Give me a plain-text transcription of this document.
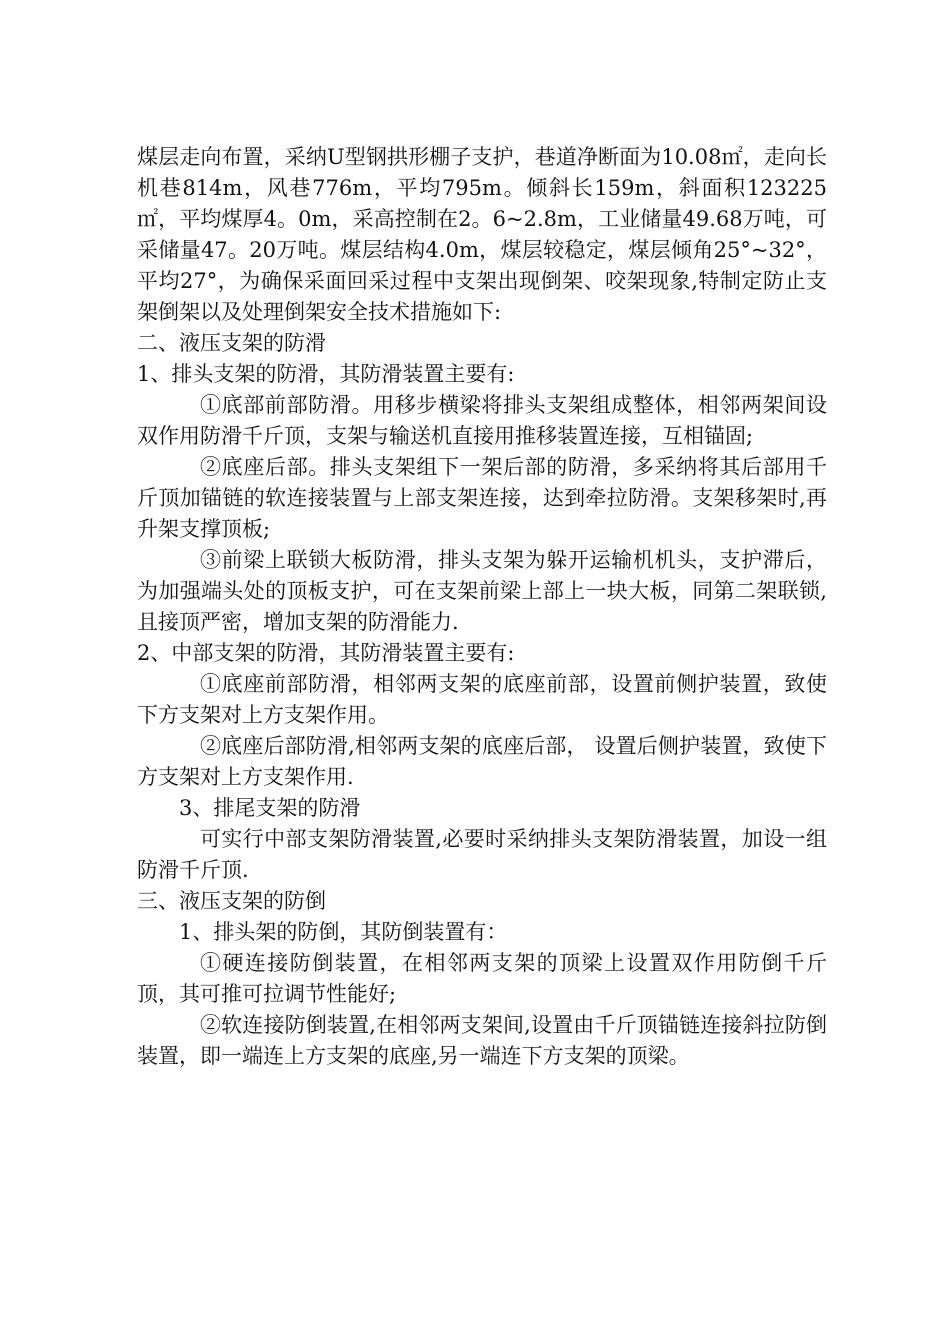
煤层走向布置，采纳U型钢拱形棚子支护，巷道净断面为10.08㎡，走向长机巷814m，风巷776m，平均795m。倾斜长159m，斜面积123225㎡，平均煤厚4。0m，采高控制在2。6~2.8m，工业储量49.68万吨，可采储量47。20万吨。煤层结构4.0m，煤层较稳定，煤层倾角25°~32°，平均27°，为确保采面回采过程中支架出现倒架、咬架现象,特制定防止支架倒架以及处理倒架安全技术措施如下:

二、液压支架的防滑

1、排头支架的防滑，其防滑装置主要有:

①底部前部防滑。用移步横梁将排头支架组成整体，相邻两架间设双作用防滑千斤顶，支架与输送机直接用推移装置连接，互相锚固;

②底座后部。排头支架组下一架后部的防滑，多采纳将其后部用千斤顶加锚链的软连接装置与上部支架连接，达到牵拉防滑。支架移架时,再升架支撑顶板;

③前梁上联锁大板防滑，排头支架为躲开运输机机头，支护滞后，为加强端头处的顶板支护，可在支架前梁上部上一块大板，同第二架联锁,且接顶严密，增加支架的防滑能力.

2、中部支架的防滑，其防滑装置主要有:

①底座前部防滑，相邻两支架的底座前部，设置前侧护装置，致使下方支架对上方支架作用。

②底座后部防滑,相邻两支架的底座后部， 设置后侧护装置，致使下方支架对上方支架作用.

3、排尾支架的防滑

可实行中部支架防滑装置,必要时采纳排头支架防滑装置，加设一组防滑千斤顶.

三、液压支架的防倒

1、排头架的防倒，其防倒装置有：

①硬连接防倒装置，在相邻两支架的顶梁上设置双作用防倒千斤顶，其可推可拉调节性能好;

②软连接防倒装置,在相邻两支架间,设置由千斤顶锚链连接斜拉防倒装置，即一端连上方支架的底座,另一端连下方支架的顶梁。
